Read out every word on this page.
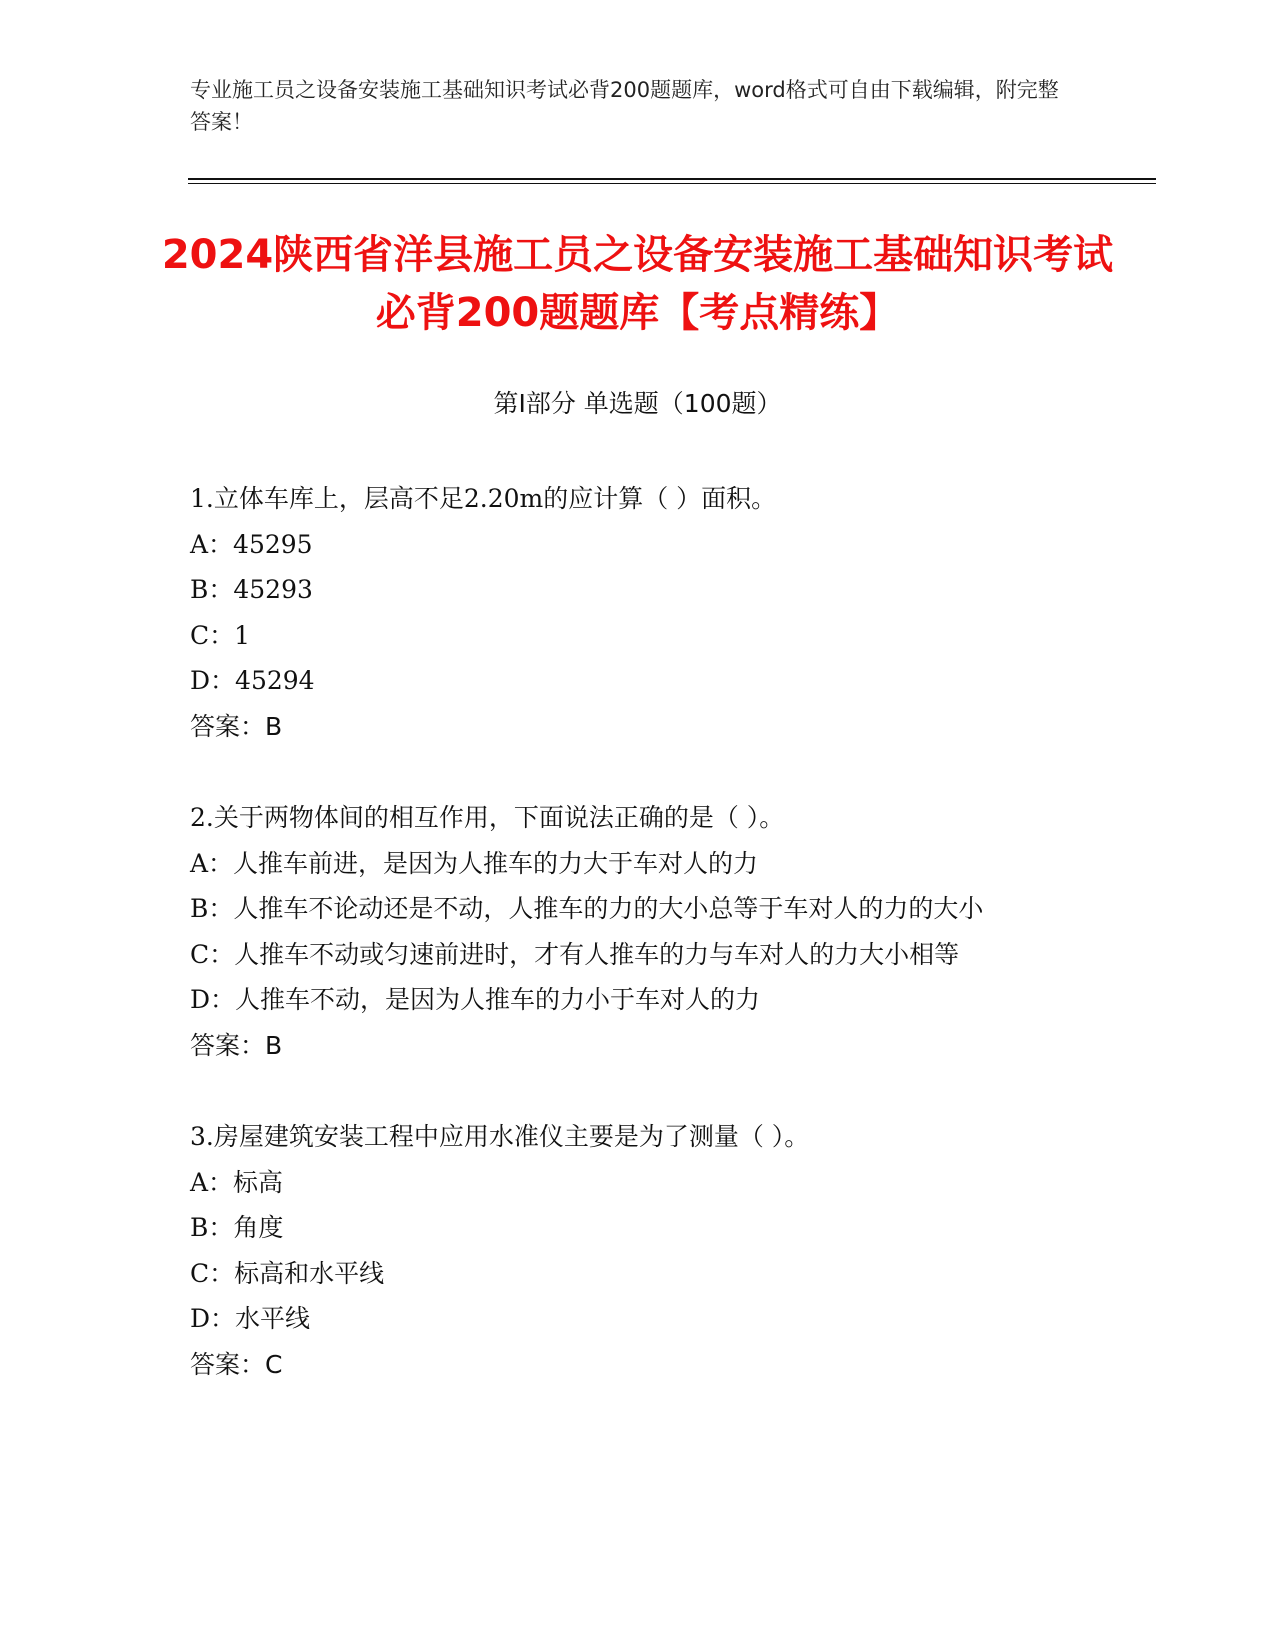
专业施工员之设备安装施工基础知识考试必背200题题库，word格式可自由下载编辑，附完整答案！
2024陕西省洋县施工员之设备安装施工基础知识考试必背200题题库【考点精练】
第I部分 单选题（100题）
1.立体车库上，层高不足2.20m的应计算（ ）面积。
A：45295
B：45293
C：1
D：45294
答案：B
2.关于两物体间的相互作用，下面说法正确的是（ ）。
A：人推车前进，是因为人推车的力大于车对人的力
B：人推车不论动还是不动，人推车的力的大小总等于车对人的力的大小
C：人推车不动或匀速前进时，才有人推车的力与车对人的力大小相等
D：人推车不动，是因为人推车的力小于车对人的力
答案：B
3.房屋建筑安装工程中应用水准仪主要是为了测量（ ）。
A：标高
B：角度
C：标高和水平线
D：水平线
答案：C
